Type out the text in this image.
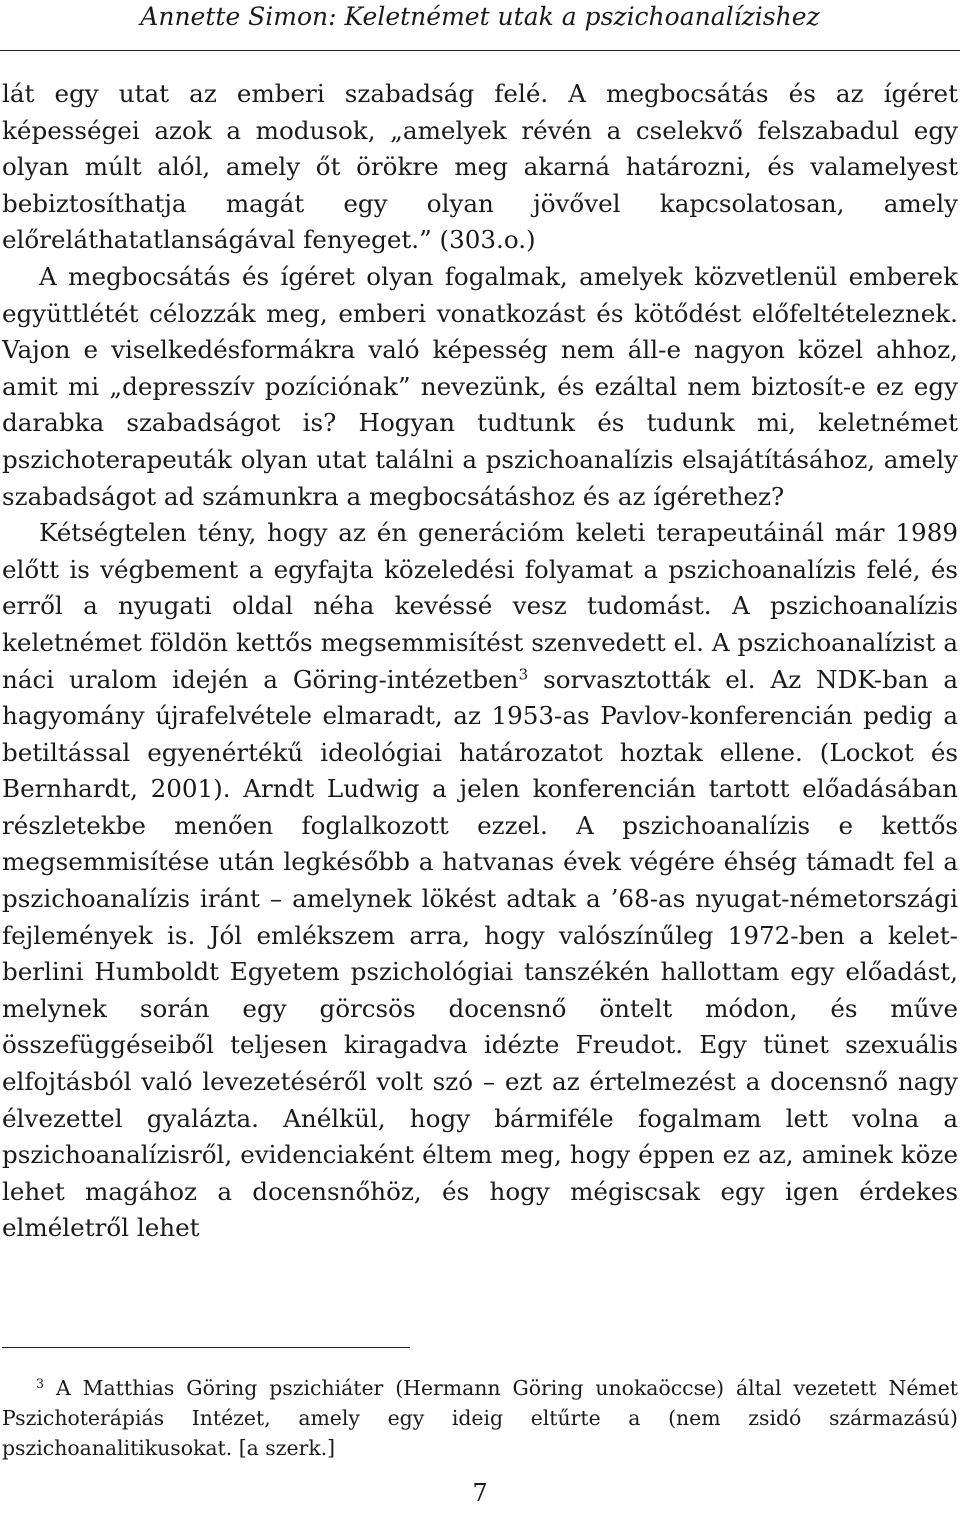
Annette Simon: Keletnémet utak a pszichoanalízishez

lát egy utat az emberi szabadság felé. A megbocsátás és az ígéret képességei azok a modusok, „amelyek révén a cselekvő felszabadul egy olyan múlt alól, amely őt örökre meg akarná határozni, és valamelyest bebiztosíthatja magát egy olyan jövővel kapcsolatosan, amely előreláthatatlanságával fenyeget.” (303.o.)

A megbocsátás és ígéret olyan fogalmak, amelyek közvetlenül emberek együttlétét célozzák meg, emberi vonatkozást és kötődést előfeltételeznek. Vajon e viselkedésformákra való képesség nem áll-e nagyon közel ahhoz, amit mi „depresszív pozíciónak” nevezünk, és ezáltal nem biztosít-e ez egy darabka szabadságot is? Hogyan tudtunk és tudunk mi, keletnémet pszichoterapeuták olyan utat találni a pszichoanalízis elsajátításához, amely szabadságot ad számunkra a megbocsátáshoz és az ígérethez?

Kétségtelen tény, hogy az én generációm keleti terapeutáinál már 1989 előtt is végbement a egyfajta közeledési folyamat a pszichoanalízis felé, és erről a nyugati oldal néha kevéssé vesz tudomást. A pszichoanalízis keletnémet földön kettős megsemmisítést szenvedett el. A pszichoanalízist a náci uralom idején a Göring-intézetben$^3$ sorvasztották el. Az NDK-ban a hagyomány újrafelvétele elmaradt, az 1953-as Pavlov-konferencián pedig a betiltással egyenértékű ideológiai határozatot hoztak ellene. (Lockot és Bernhardt, 2001). Arndt Ludwig a jelen konferencián tartott előadásában részletekbe menően foglalkozott ezzel. A pszichoanalízis e kettős megsemmisítése után legkésőbb a hatvanas évek végére éhség támadt fel a pszichoanalízis iránt – amelynek lökést adtak a ’68-as nyugat-németországi fejlemények is. Jól emlékszem arra, hogy valószínűleg 1972-ben a kelet-berlini Humboldt Egyetem pszichológiai tanszékén hallottam egy előadást, melynek során egy görcsös docensnő öntelt módon, és műve összefüggéseiből teljesen kiragadva idézte Freudot. Egy tünet szexuális elfojtásból való levezetéséről volt szó – ezt az értelmezést a docensnő nagy élvezettel gyalázta. Anélkül, hogy bármiféle fogalmam lett volna a pszichoanalízisről, evidenciaként éltem meg, hogy éppen ez az, aminek köze lehet magához a docensnőhöz, és hogy mégiscsak egy igen érdekes elméletről lehet

$^3$ A Matthias Göring pszichiáter (Hermann Göring unokaöccse) által vezetett Német Pszichoterápiás Intézet, amely egy ideig eltűrte a (nem zsidó származású) pszichoanalitikusokat. [a szerk.]
7
